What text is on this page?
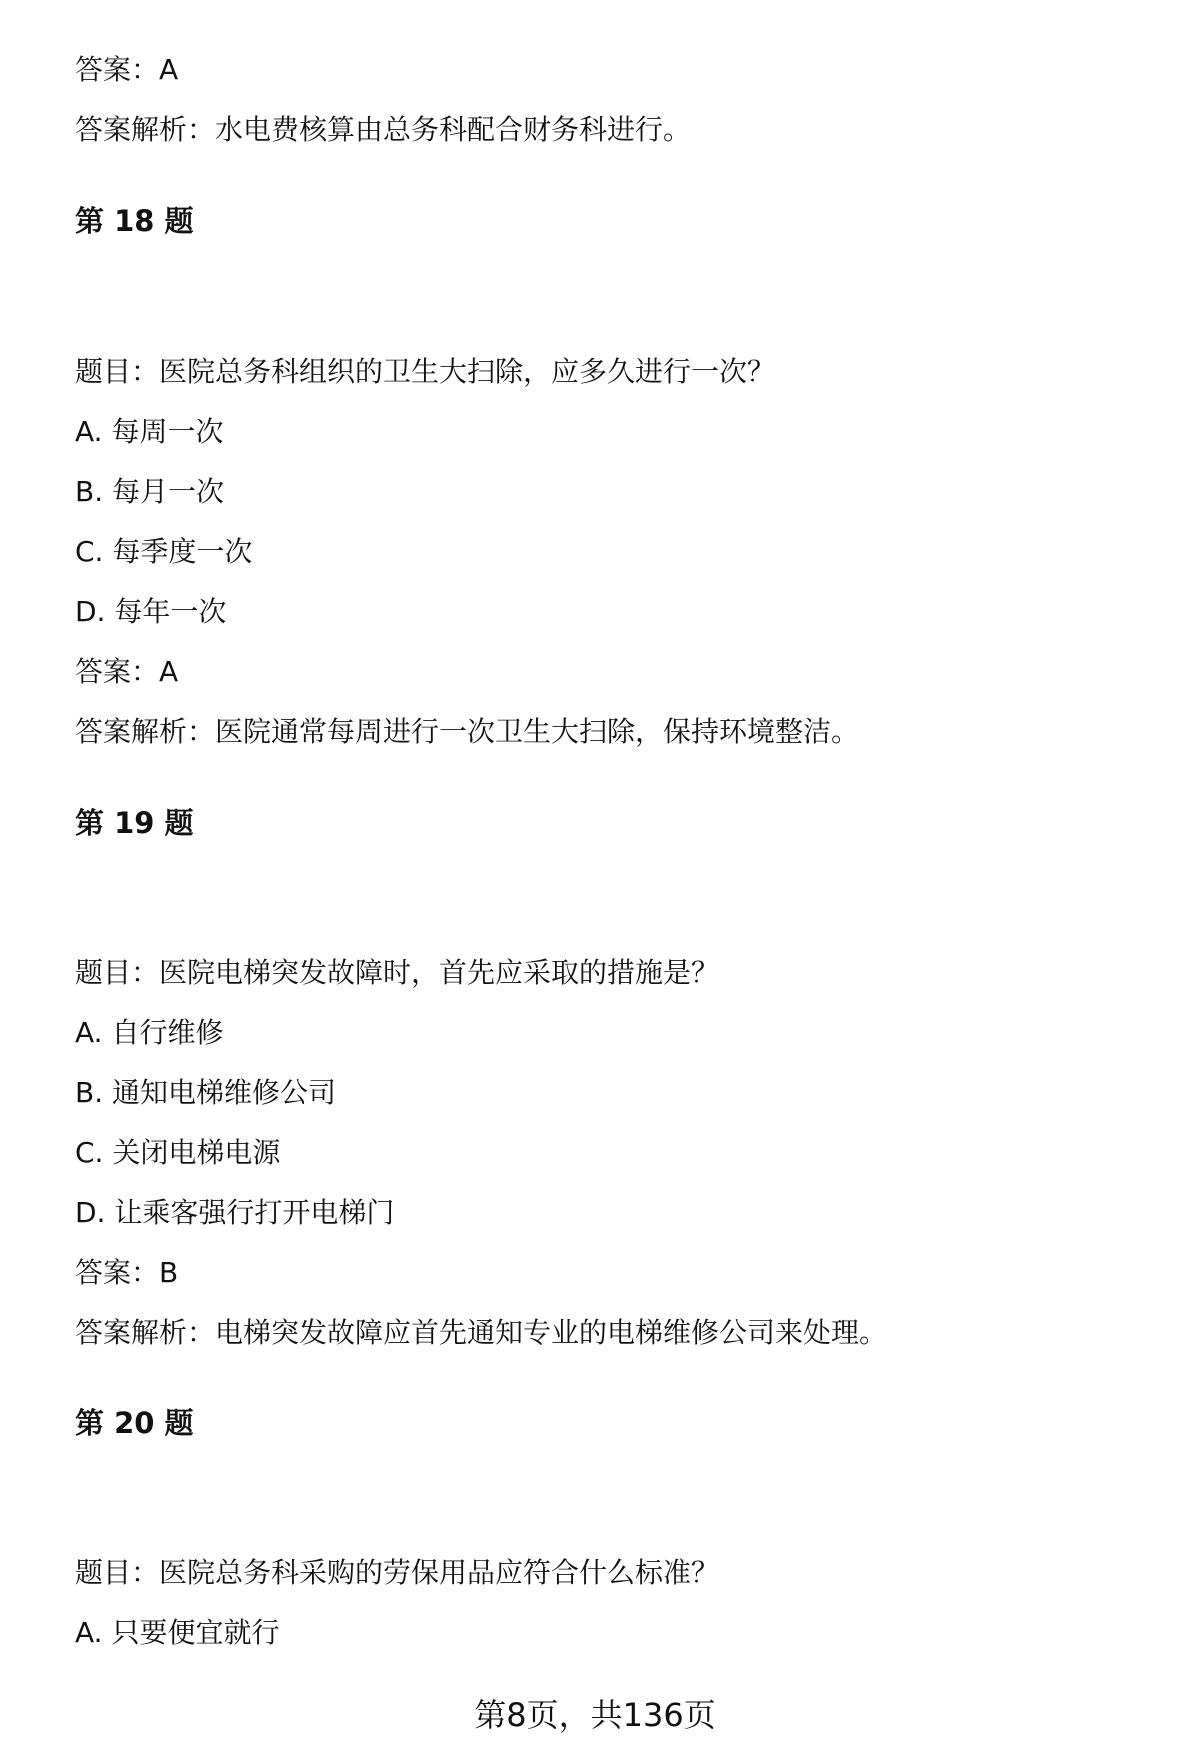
答案：A
答案解析：水电费核算由总务科配合财务科进行。
第 18 题
题目：医院总务科组织的卫生大扫除，应多久进行一次？
A. 每周一次
B. 每月一次
C. 每季度一次
D. 每年一次
答案：A
答案解析：医院通常每周进行一次卫生大扫除，保持环境整洁。
第 19 题
题目：医院电梯突发故障时，首先应采取的措施是？
A. 自行维修
B. 通知电梯维修公司
C. 关闭电梯电源
D. 让乘客强行打开电梯门
答案：B
答案解析：电梯突发故障应首先通知专业的电梯维修公司来处理。
第 20 题
题目：医院总务科采购的劳保用品应符合什么标准？
A. 只要便宜就行
第8页，共136页
